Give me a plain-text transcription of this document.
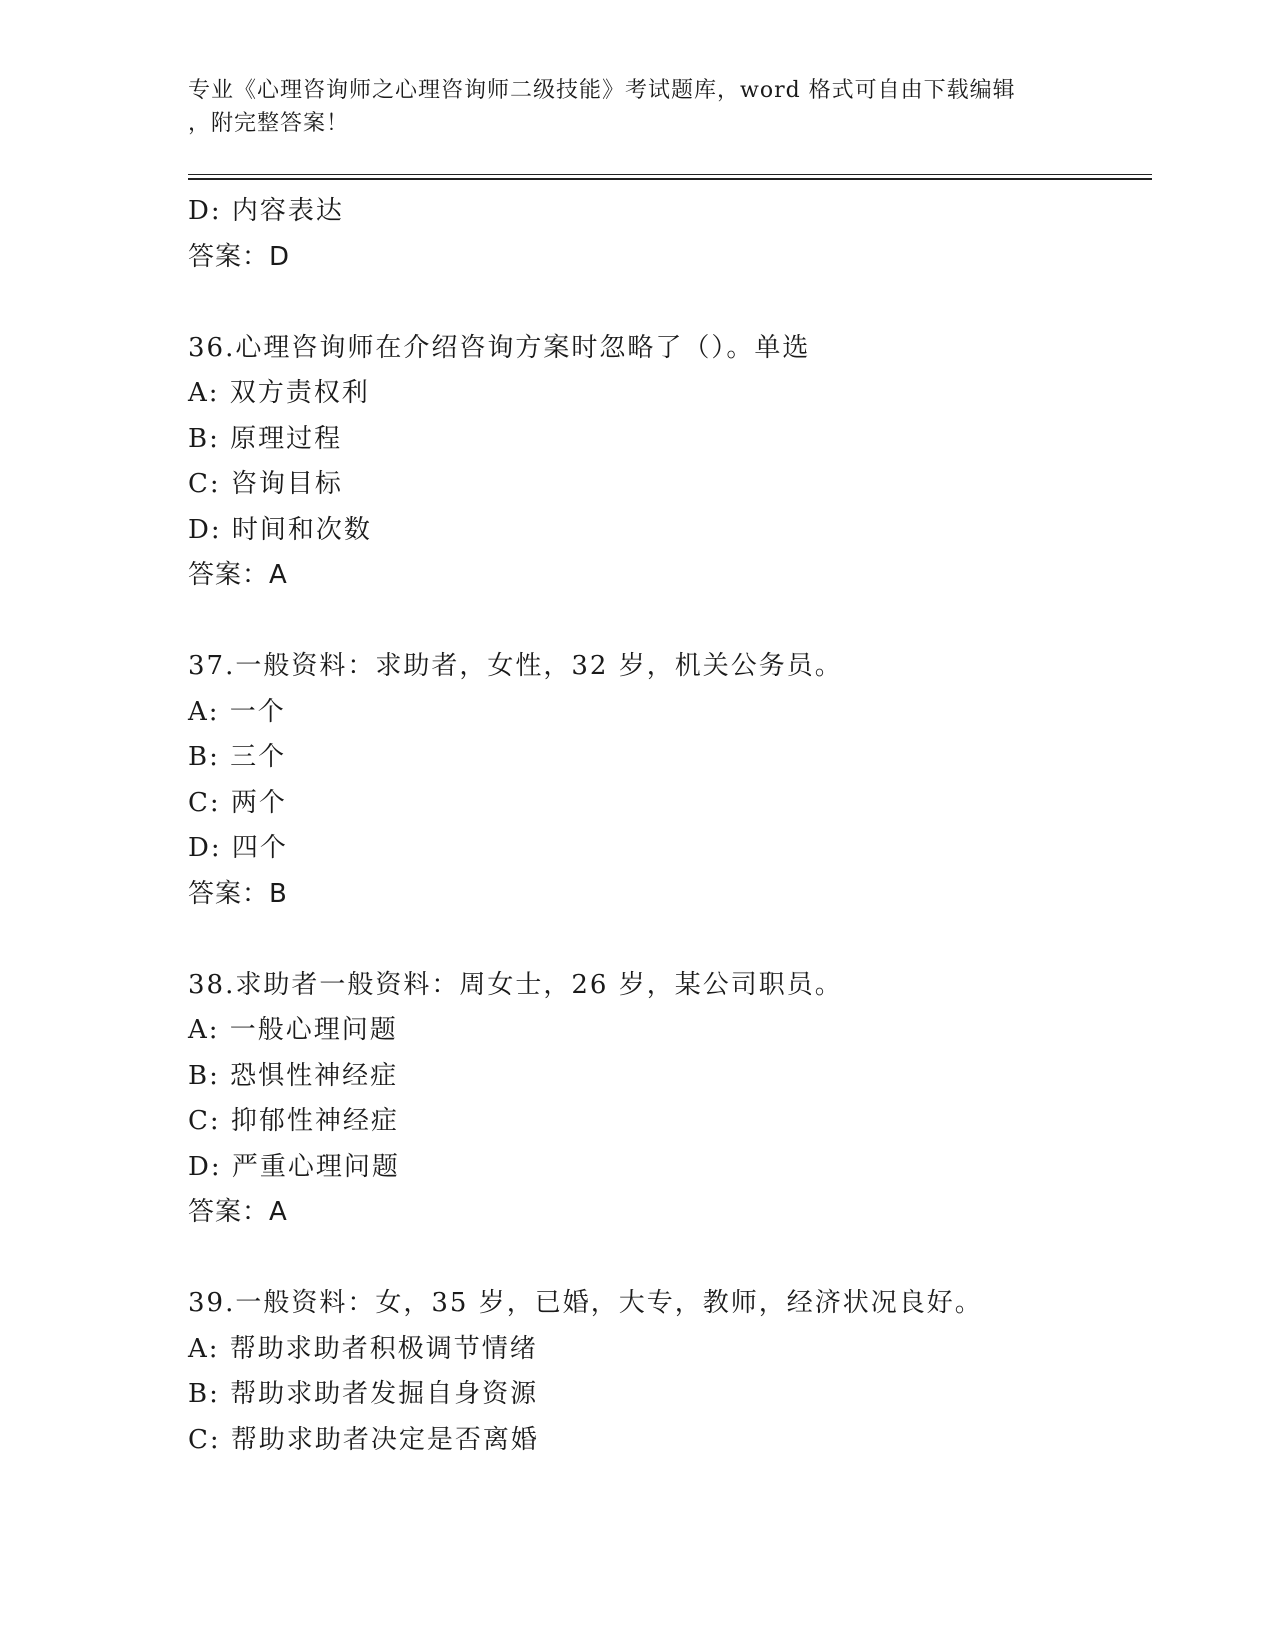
专业《心理咨询师之心理咨询师二级技能》考试题库，word 格式可自由下载编辑
，附完整答案！
D: 内容表达
答案：D
36.心理咨询师在介绍咨询方案时忽略了（）。单选
A: 双方责权利
B: 原理过程
C: 咨询目标
D: 时间和次数
答案：A
37.一般资料：求助者，女性，32 岁，机关公务员。
A: 一个
B: 三个
C: 两个
D: 四个
答案：B
38.求助者一般资料：周女士，26 岁，某公司职员。
A: 一般心理问题
B: 恐惧性神经症
C: 抑郁性神经症
D: 严重心理问题
答案：A
39.一般资料：女，35 岁，已婚，大专，教师，经济状况良好。
A: 帮助求助者积极调节情绪
B: 帮助求助者发掘自身资源
C: 帮助求助者决定是否离婚
